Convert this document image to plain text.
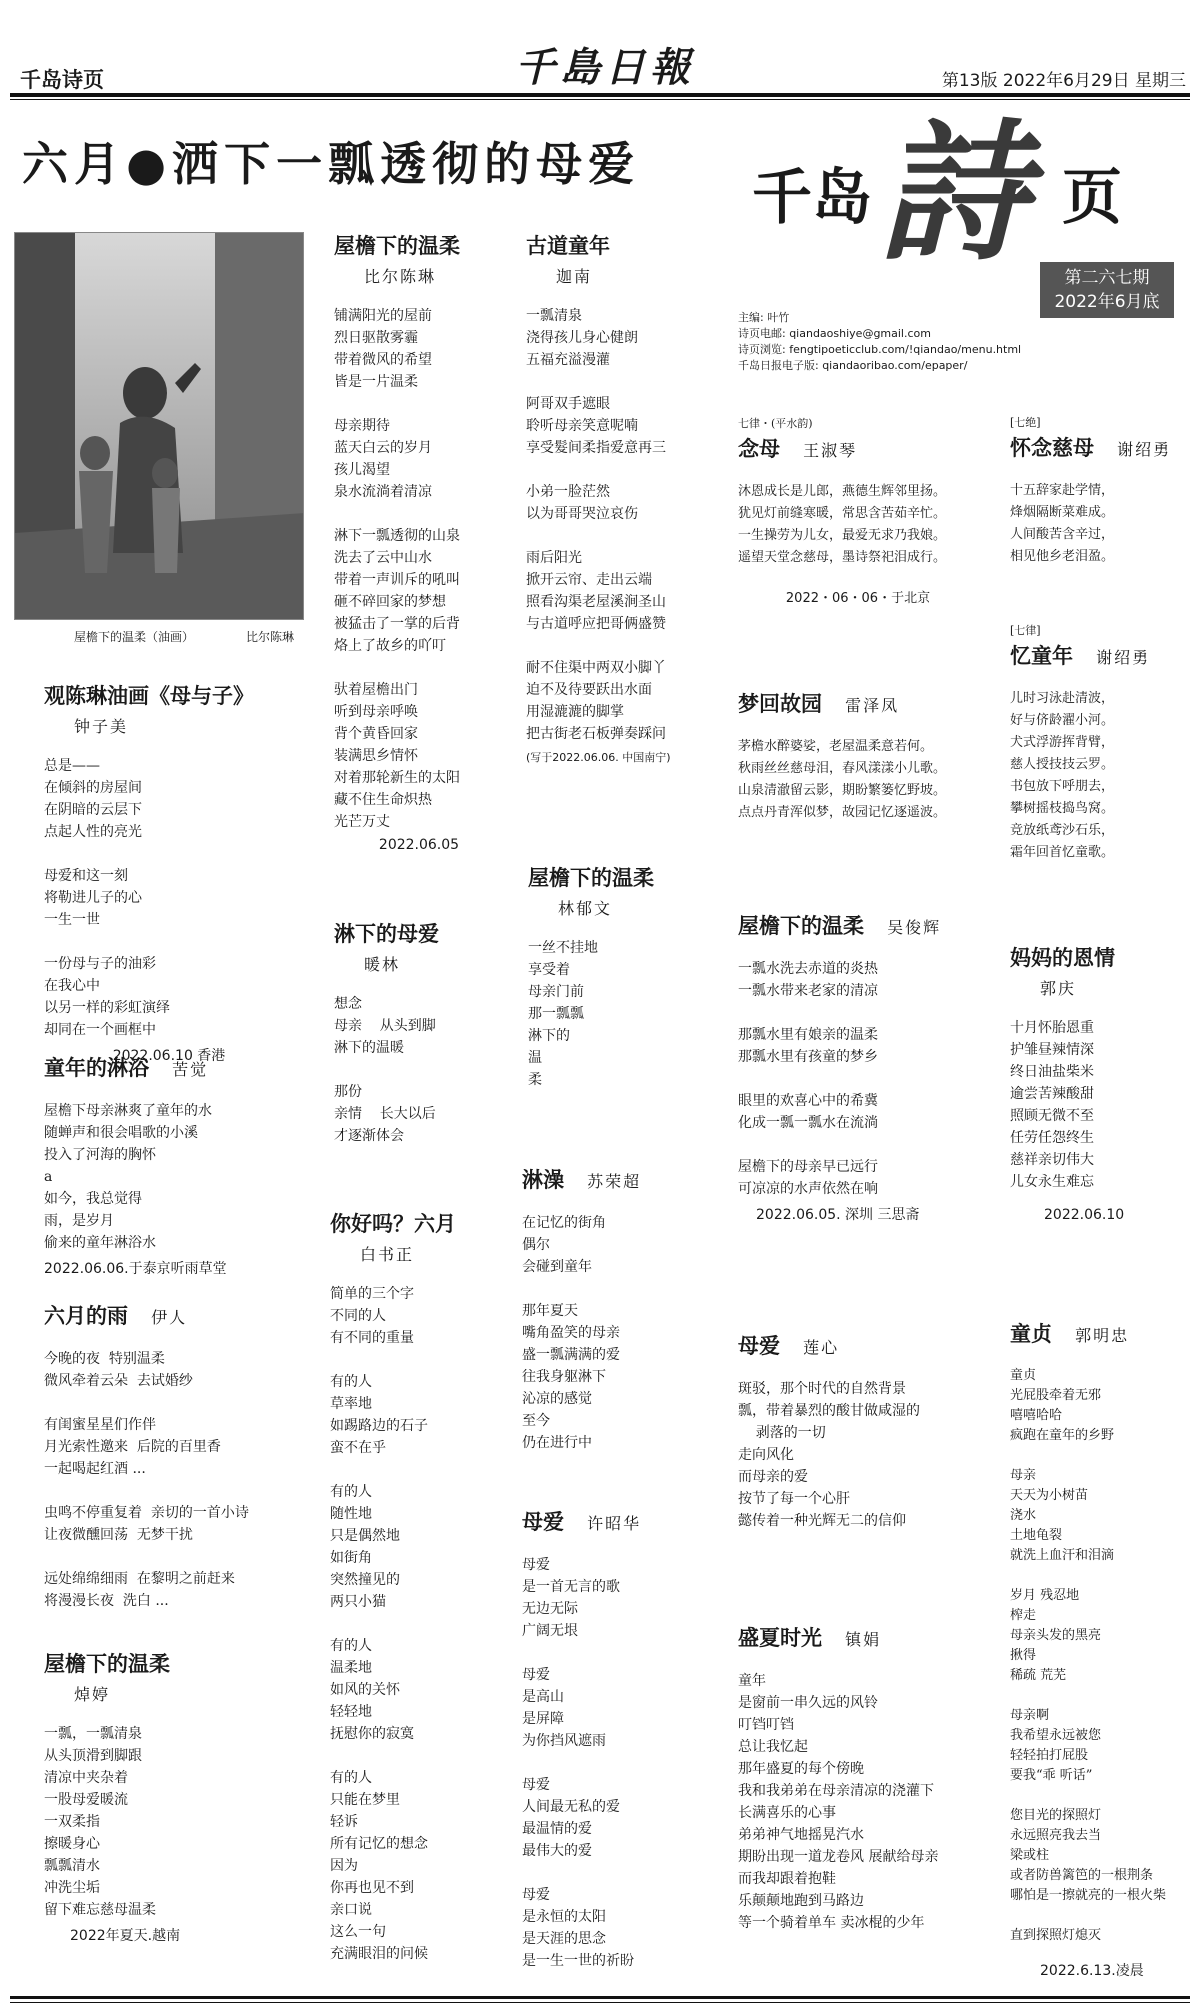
千岛诗页	千島日報	第13版 2022年6月29日 星期三
六月●洒下一瓢透彻的母爱 千岛 詩 页
第二六七期
2022年6月底
主编: 叶竹
诗页电邮: qiandaoshiye@gmail.com
诗页浏览: fengtipoeticclub.com/!qiandao/menu.html
千岛日报电子版: qiandaoribao.com/epaper/
屋檐下的温柔（油画）	比尔陈琳
观陈琳油画《母与子》
钟子美

总是——
在倾斜的房屋间
在阴暗的云层下
点起人性的亮光

母爱和这一刻
将勒进儿子的心
一生一世

一份母与子的油彩
在我心中
以另一样的彩虹演绎
却同在一个画框中

2022.06.10 香港
童年的淋浴 苦觉

屋檐下母亲淋爽了童年的水
随蝉声和很会唱歌的小溪
投入了河海的胸怀
a
如今，我总觉得
雨，是岁月
偷来的童年淋浴水

2022.06.06.于泰京听雨草堂
六月的雨 伊人

今晚的夜  特别温柔
微风牵着云朵  去试婚纱

有闺蜜星星们作伴
月光索性邀来  后院的百里香
一起喝起红酒 ...

虫鸣不停重复着  亲切的一首小诗
让夜微醺回荡  无梦干扰

远处绵绵细雨  在黎明之前赶来
将漫漫长夜  洗白 ...

屋檐下的温柔
焯婷

一瓢，一瓢清泉
从头顶滑到脚跟
清凉中夹杂着
一股母爱暖流
一双柔指
擦暖身心
瓢瓢清水
冲洗尘垢
留下难忘慈母温柔

2022年夏天.越南
屋檐下的温柔
比尔陈琳

铺满阳光的屋前
烈日驱散雾霾
带着微风的希望
皆是一片温柔

母亲期待
蓝天白云的岁月
孩儿渴望
泉水流淌着清凉

淋下一瓢透彻的山泉
洗去了云中山水
带着一声训斥的吼叫
砸不碎回家的梦想
被猛击了一掌的后背
烙上了故乡的吖叮

驮着屋檐出门
听到母亲呼唤
背个黄昏回家
装满思乡情怀
对着那轮新生的太阳
藏不住生命炽热
光芒万丈

2022.06.05
淋下的母爱
暖林

想念
母亲    从头到脚
淋下的温暖

那份
亲情    长大以后
才逐渐体会

你好吗？六月
白书正

简单的三个字
不同的人
有不同的重量

有的人
草率地
如踢路边的石子
蛮不在乎

有的人
随性地
只是偶然地
如街角
突然撞见的
两只小猫

有的人
温柔地
如风的关怀
轻轻地
抚慰你的寂寞

有的人
只能在梦里
轻诉
所有记忆的想念
因为
你再也见不到
亲口说
这么一句
充满眼泪的问候

古道童年
迦南

一瓢清泉
浇得孩儿身心健朗
五福充溢漫灌

阿哥双手遮眼
聆听母亲笑意呢喃
享受髮间柔指爱意再三

小弟一脸茫然
以为哥哥哭泣哀伤

雨后阳光
掀开云帘、走出云端
照看沟渠老屋溪涧圣山
与古道呼应把哥俩盛赞

耐不住渠中两双小脚丫
迫不及待要跃出水面
用湿漉漉的脚掌
把古街老石板弹奏踩问

(写于2022.06.06. 中国南宁)
屋檐下的温柔
林郁文

一丝不挂地
享受着
母亲门前
那一瓢瓢
淋下的
温
柔

淋澡 苏荣超

在记忆的街角
偶尔
会碰到童年

那年夏天
嘴角盈笑的母亲
盛一瓢满满的爱
往我身躯淋下
沁凉的感觉
至今
仍在进行中

母爱 许昭华

母爱
是一首无言的歌
无边无际
广阔无垠

母爱
是高山
是屏障
为你挡风遮雨

母爱
人间最无私的爱
最温情的爱
最伟大的爱

母爱
是永恒的太阳
是天涯的思念
是一生一世的祈盼

七律・(平水韵)
念母 王淑琴

沐恩成长是儿郎，燕德生辉邻里扬。
犹见灯前缝寒暖，常思含苦茹辛忙。
一生操劳为儿女，最爱无求乃我娘。
遥望天堂念慈母，墨诗祭祀泪成行。

2022・06・06・于北京
梦回故园 雷泽凤

茅檐水醉婆娑，老屋温柔意若何。
秋雨丝丝慈母泪，春风漾漾小儿歌。
山泉清澈留云影，期盼繁篓忆野坡。
点点丹青浑似梦，故园记忆逐遥波。

屋檐下的温柔 吴俊辉

一瓢水洗去赤道的炎热
一瓢水带来老家的清凉

那瓢水里有娘亲的温柔
那瓢水里有孩童的梦乡

眼里的欢喜心中的希冀
化成一瓢一瓢水在流淌

屋檐下的母亲早已远行
可凉凉的水声依然在响

2022.06.05. 深圳 三思斋
母爱 莲心

斑驳，那个时代的自然背景
瓢，带着暴烈的酸甘做咸湿的
剥落的一切
走向风化
而母亲的爱
按节了每一个心肝
懿传着一种光辉无二的信仰

盛夏时光 镇娟

童年
是窗前一串久远的风铃
叮铛叮铛
总让我忆起
那年盛夏的每个傍晚
我和我弟弟在母亲清凉的浇灌下
长满喜乐的心事
弟弟神气地摇晃汽水
期盼出现一道龙卷风 展献给母亲
而我却跟着抱鞋
乐颠颠地跑到马路边
等一个骑着单车 卖冰棍的少年

[七绝]
怀念慈母 谢绍勇

十五辞家赴学情，
烽烟隔断菜难成。
人间酸苦含辛过，
相见他乡老泪盈。

[七律]
忆童年 谢绍勇

儿时习泳赴清波，
好与侪龄濯小河。
犬式浮游挥背臂，
慈人授技技云罗。
书包放下呼朋去，
攀树摇枝捣鸟窝。
竞放纸鸢沙石乐，
霜年回首忆童歌。

妈妈的恩情
郭庆

十月怀胎恩重
护雏昼辣情深
终日油盐柴米
逾尝苦辣酸甜
照顾无微不至
任劳任怨终生
慈祥亲切伟大
儿女永生难忘

2022.06.10
童贞 郭明忠

童贞
光屁股牵着无邪
嘻嘻哈哈
疯跑在童年的乡野

母亲
天天为小树苗
浇水
土地龟裂
就洗上血汗和泪滴

岁月 残忍地
榨走
母亲头发的黑亮
揪得
稀疏 荒芜

母亲啊
我希望永远被您
轻轻拍打屁股
要我“乖 听话”

您目光的探照灯
永远照亮我去当
梁或柱
或者防兽篱笆的一根荆条
哪怕是一擦就亮的一根火柴

直到探照灯熄灭

2022.6.13.凌晨
